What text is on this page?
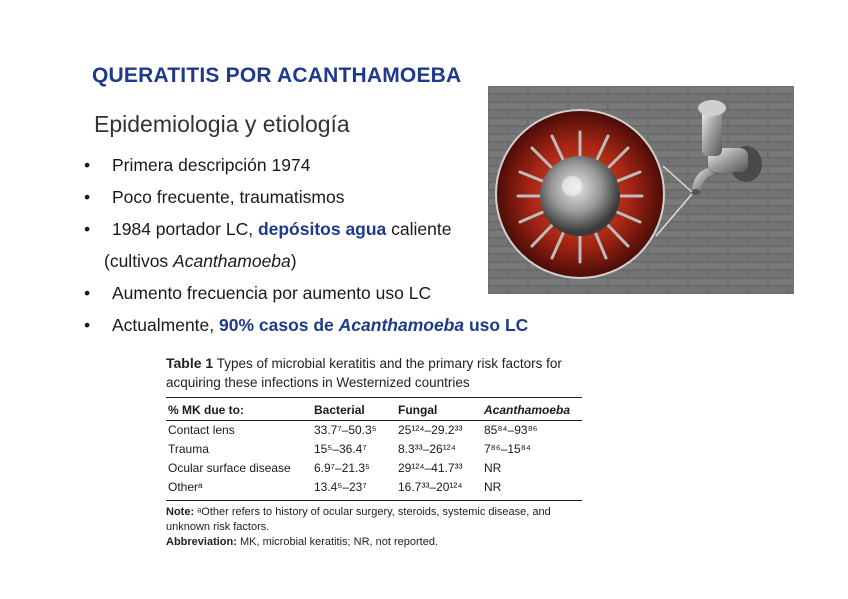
QUERATITIS POR ACANTHAMOEBA
Epidemiologia y etiología
•	Primera descripción 1974
•	Poco frecuente, traumatismos
•	1984 portador LC, depósitos agua caliente
(cultivos Acanthamoeba)
•	Aumento frecuencia por aumento uso LC
•	Actualmente, 90% casos de Acanthamoeba uso LC
Table 1 Types of microbial keratitis and the primary risk factors for acquiring these infections in Westernized countries
% MK due to:	Bacterial	Fungal	Acanthamoeba
Contact lens	33.7⁷–50.3⁵ 25¹²⁴–29.2³³ 85⁸⁴–93⁸⁶
Trauma	15⁵–36.4⁷	8.3³³–26¹²⁴ 7⁸⁶–15⁸⁴
Ocular surface disease 6.9⁷–21.3⁵ 29¹²⁴–41.7³³ NR
Otherᵃ	13.4⁵–23⁷	16.7³³–20¹²⁴ NR
Note: ᵃOther refers to history of ocular surgery, steroids, systemic disease, and unknown risk factors.
Abbreviation: MK, microbial keratitis; NR, not reported.
